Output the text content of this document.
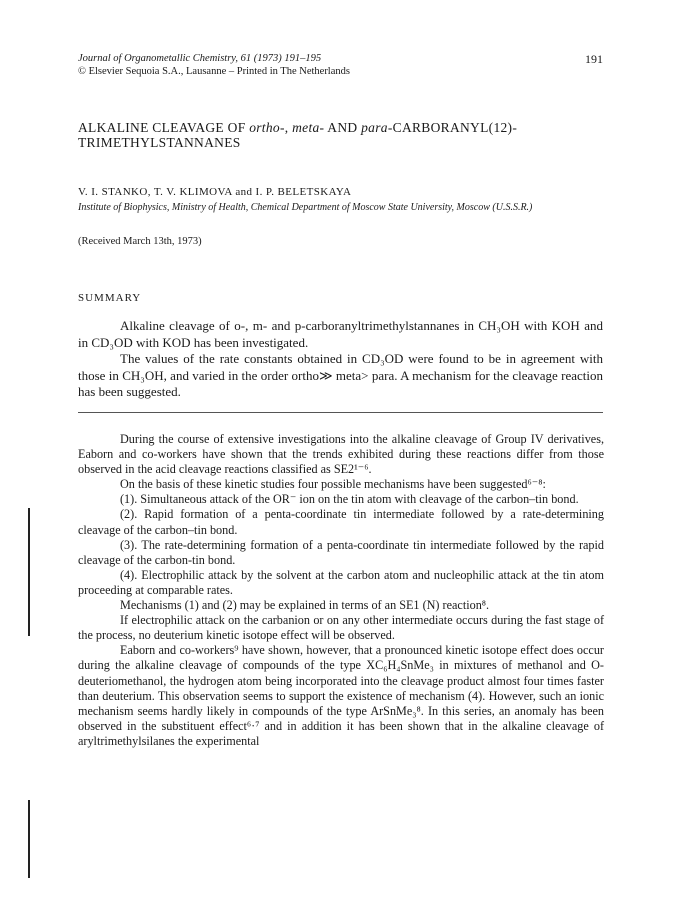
Journal of Organometallic Chemistry, 61 (1973) 191–195
© Elsevier Sequoia S.A., Lausanne – Printed in The Netherlands
191
ALKALINE CLEAVAGE OF ortho-, meta- AND para-CARBORANYL(12)-
TRIMETHYLSTANNANES
V. I. STANKO, T. V. KLIMOVA and I. P. BELETSKAYA
Institute of Biophysics, Ministry of Health, Chemical Department of Moscow State University, Moscow (U.S.S.R.)
(Received March 13th, 1973)
SUMMARY

Alkaline cleavage of o-, m- and p-carboranyltrimethylstannanes in CH₃OH with KOH and in CD₃OD with KOD has been investigated.

The values of the rate constants obtained in CD₃OD were found to be in agreement with those in CH₃OH, and varied in the order ortho≫ meta> para. A mechanism for the cleavage reaction has been suggested.

During the course of extensive investigations into the alkaline cleavage of Group IV derivatives, Eaborn and co-workers have shown that the trends exhibited during these reactions differ from those observed in the acid cleavage reactions classified as SE2¹⁻⁶.

On the basis of these kinetic studies four possible mechanisms have been suggested⁶⁻⁸:

(1). Simultaneous attack of the OR⁻ ion on the tin atom with cleavage of the carbon–tin bond.

(2). Rapid formation of a penta-coordinate tin intermediate followed by a rate-determining cleavage of the carbon–tin bond.

(3). The rate-determining formation of a penta-coordinate tin intermediate followed by the rapid cleavage of the carbon-tin bond.

(4). Electrophilic attack by the solvent at the carbon atom and nucleophilic attack at the tin atom proceeding at comparable rates.

Mechanisms (1) and (2) may be explained in terms of an SE1 (N) reaction⁸.

If electrophilic attack on the carbanion or on any other intermediate occurs during the fast stage of the process, no deuterium kinetic isotope effect will be observed.

Eaborn and co-workers⁹ have shown, however, that a pronounced kinetic isotope effect does occur during the alkaline cleavage of compounds of the type XC₆H₄SnMe₃ in mixtures of methanol and O-deuteriomethanol, the hydrogen atom being incorporated into the cleavage product almost four times faster than deuterium. This observation seems to support the existence of mechanism (4). However, such an ionic mechanism seems hardly likely in compounds of the type ArSnMe₃⁸. In this series, an anomaly has been observed in the substituent effect⁶·⁷ and in addition it has been shown that in the alkaline cleavage of aryltrimethylsilanes the experimental
